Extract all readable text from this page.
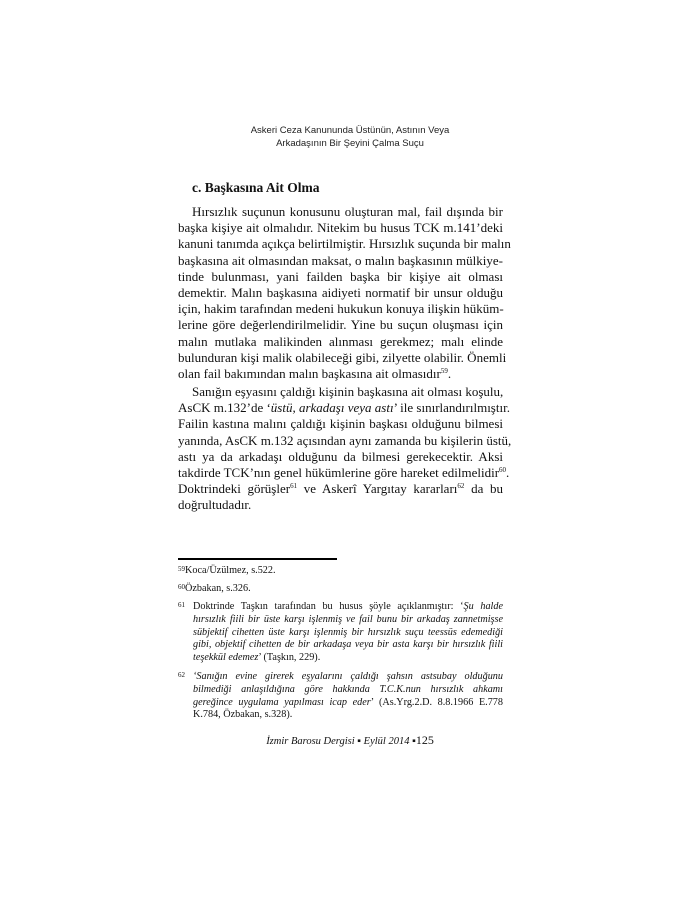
Askeri Ceza Kanununda Üstünün, Astının Veya
Arkadaşının Bir Şeyini Çalma Suçu
c. Başkasına Ait Olma
Hırsızlık suçunun konusunu oluşturan mal, fail dışında bir
başka kişiye ait olmalıdır. Nitekim bu husus TCK m.141’deki
kanuni tanımda açıkça belirtilmiştir. Hırsızlık suçunda bir malın
başkasına ait olmasından maksat, o malın başkasının mülkiye-
tinde bulunması, yani failden başka bir kişiye ait olması
demektir. Malın başkasına aidiyeti normatif bir unsur olduğu
için, hakim tarafından medeni hukukun konuya ilişkin hüküm-
lerine göre değerlendirilmelidir. Yine bu suçun oluşması için
malın mutlaka malikinden alınması gerekmez; malı elinde
bulunduran kişi malik olabileceği gibi, zilyette olabilir. Önemli
olan fail bakımından malın başkasına ait olmasıdır$^{59}$.
Sanığın eşyasını çaldığı kişinin başkasına ait olması koşulu,
AsCK m.132’de ‘üstü, arkadaşı veya astı’ ile sınırlandırılmıştır.
Failin kastına malını çaldığı kişinin başkası olduğunu bilmesi
yanında, AsCK m.132 açısından aynı zamanda bu kişilerin üstü,
astı ya da arkadaşı olduğunu da bilmesi gerekecektir. Aksi
takdirde TCK’nın genel hükümlerine göre hareket edilmelidir$^{60}$.
Doktrindeki görüşler$^{61}$ ve Askerî Yargıtay kararları$^{62}$ da bu
doğrultudadır.
59 Koca/Üzülmez, s.522.
60 Özbakan, s.326.
61 Doktrinde Taşkın tarafından bu husus şöyle açıklanmıştır: ‘Şu halde
hırsızlık fiili bir üste karşı işlenmiş ve fail bunu bir arkadaş zannetmişse
sübjektif cihetten üste karşı işlenmiş bir hırsızlık suçu teessüs edemediği
gibi, objektif cihetten de bir arkadaşa veya bir asta karşı bir hırsızlık fiili
teşekkül edemez’ (Taşkın, 229).
62 ‘Sanığın evine girerek eşyalarını çaldığı şahsın astsubay olduğunu
bilmediği anlaşıldığına göre hakkında T.C.K.nun hırsızlık ahkamı
gereğince uygulama yapılması icap eder’ (As.Yrg.2.D. 8.8.1966 E.778
K.784, Özbakan, s.328).
İzmir Barosu Dergisi ▪ Eylül 2014 ▪125
